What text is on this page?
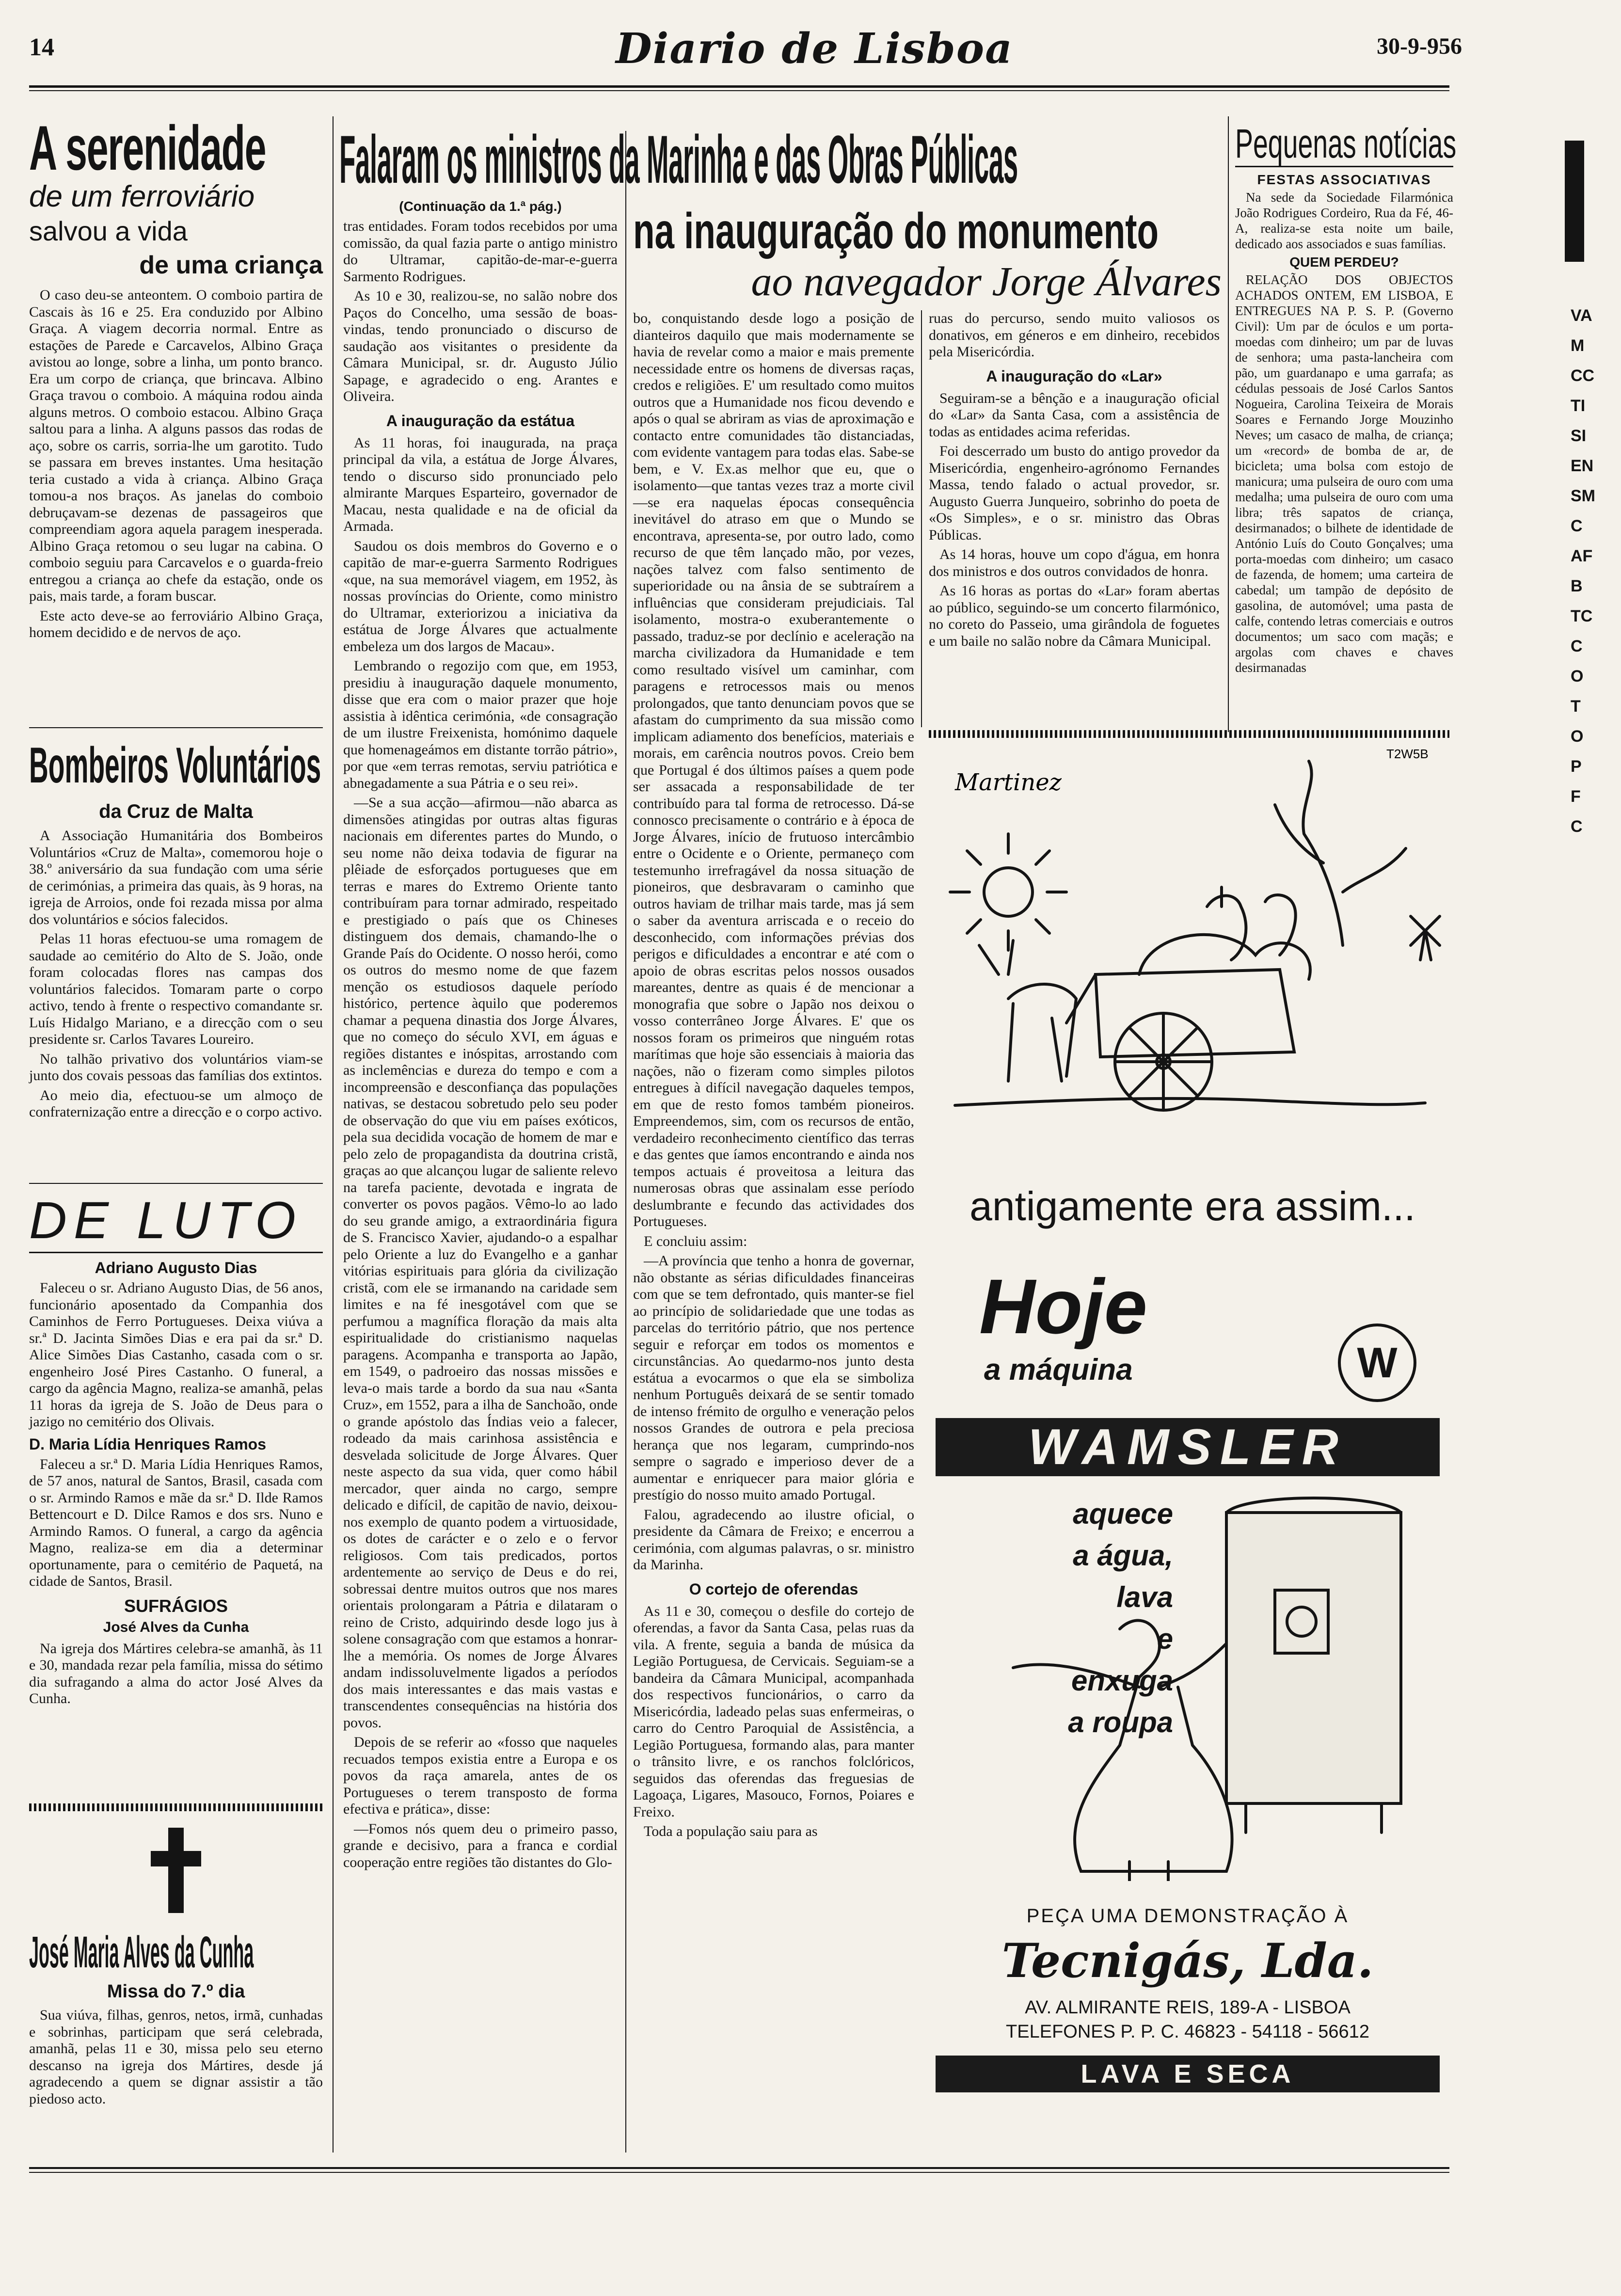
14	Diario de Lisboa	30-9-956
A serenidade
de um ferroviário
salvou a vida
de uma criança

O caso deu-se anteontem. O comboio partira de Cascais às 16 e 25. Era conduzido por Albino Graça. A viagem decorria normal. Entre as estações de Parede e Carcavelos, Albino Graça avistou ao longe, sobre a linha, um ponto branco. Era um corpo de criança, que brincava. Albino Graça travou o comboio. A máquina rodou ainda alguns metros. O comboio estacou. Albino Graça saltou para a linha. A alguns passos das rodas de aço, sobre os carris, sorria-lhe um garotito. Tudo se passara em breves instantes. Uma hesitação teria custado a vida à criança. Albino Graça tomou-a nos braços. As janelas do comboio debruçavam-se dezenas de passageiros que compreendiam agora aquela paragem inesperada. Albino Graça retomou o seu lugar na cabina. O comboio seguiu para Carcavelos e o guarda-freio entregou a criança ao chefe da estação, onde os pais, mais tarde, a foram buscar.

Este acto deve-se ao ferroviário Albino Graça, homem decidido e de nervos de aço.

Bombeiros Voluntários
da Cruz de Malta

A Associação Humanitária dos Bombeiros Voluntários «Cruz de Malta», comemorou hoje o 38.º aniversário da sua fundação com uma série de cerimónias, a primeira das quais, às 9 horas, na igreja de Arroios, onde foi rezada missa por alma dos voluntários e sócios falecidos.

Pelas 11 horas efectuou-se uma romagem de saudade ao cemitério do Alto de S. João, onde foram colocadas flores nas campas dos voluntários falecidos. Tomaram parte o corpo activo, tendo à frente o respectivo comandante sr. Luís Hidalgo Mariano, e a direcção com o seu presidente sr. Carlos Tavares Loureiro.

No talhão privativo dos voluntários viam-se junto dos covais pessoas das famílias dos extintos.

Ao meio dia, efectuou-se um almoço de confraternização entre a direcção e o corpo activo.

DE LUTO
Adriano Augusto Dias

Faleceu o sr. Adriano Augusto Dias, de 56 anos, funcionário aposentado da Companhia dos Caminhos de Ferro Portugueses. Deixa viúva a sr.ª D. Jacinta Simões Dias e era pai da sr.ª D. Alice Simões Dias Castanho, casada com o sr. engenheiro José Pires Castanho. O funeral, a cargo da agência Magno, realiza-se amanhã, pelas 11 horas da igreja de S. João de Deus para o jazigo no cemitério dos Olivais.

D. Maria Lídia Henriques Ramos

Faleceu a sr.ª D. Maria Lídia Henriques Ramos, de 57 anos, natural de Santos, Brasil, casada com o sr. Armindo Ramos e mãe da sr.ª D. Ilde Ramos Bettencourt e D. Dilce Ramos e dos srs. Nuno e Armindo Ramos. O funeral, a cargo da agência Magno, realiza-se em dia a determinar oportunamente, para o cemitério de Paquetá, na cidade de Santos, Brasil.

SUFRÁGIOS
José Alves da Cunha

Na igreja dos Mártires celebra-se amanhã, às 11 e 30, mandada rezar pela família, missa do sétimo dia sufragando a alma do actor José Alves da Cunha.

José Maria Alves da Cunha
Missa do 7.º dia

Sua viúva, filhas, genros, netos, irmã, cunhadas e sobrinhas, participam que será celebrada, amanhã, pelas 11 e 30, missa pelo seu eterno descanso na igreja dos Mártires, desde já agradecendo a quem se dignar assistir a tão piedoso acto.

Falaram os ministros da Marinha e das Obras Públicas
na inauguração do monumento
ao navegador Jorge Álvares
(Continuação da 1.ª pág.)

tras entidades. Foram todos recebidos por uma comissão, da qual fazia parte o antigo ministro do Ultramar, capitão-de-mar-e-guerra Sarmento Rodrigues.

As 10 e 30, realizou-se, no salão nobre dos Paços do Concelho, uma sessão de boas-vindas, tendo pronunciado o discurso de saudação aos visitantes o presidente da Câmara Municipal, sr. dr. Augusto Júlio Sapage, e agradecido o eng. Arantes e Oliveira.

A inauguração da estátua

As 11 horas, foi inaugurada, na praça principal da vila, a estátua de Jorge Álvares, tendo o discurso sido pronunciado pelo almirante Marques Esparteiro, governador de Macau, nesta qualidade e na de oficial da Armada.

Saudou os dois membros do Governo e o capitão de mar-e-guerra Sarmento Rodrigues «que, na sua memorável viagem, em 1952, às nossas províncias do Oriente, como ministro do Ultramar, exteriorizou a iniciativa da estátua de Jorge Álvares que actualmente embeleza um dos largos de Macau».

Lembrando o regozijo com que, em 1953, presidiu à inauguração daquele monumento, disse que era com o maior prazer que hoje assistia à idêntica cerimónia, «de consagração de um ilustre Freixenista, homónimo daquele que homenageámos em distante torrão pátrio», por que «em terras remotas, serviu patriótica e abnegadamente a sua Pátria e o seu rei».

—Se a sua acção—afirmou—não abarca as dimensões atingidas por outras altas figuras nacionais em diferentes partes do Mundo, o seu nome não deixa todavia de figurar na plêiade de esforçados portugueses que em terras e mares do Extremo Oriente tanto contribuíram para tornar admirado, respeitado e prestigiado o país que os Chineses distinguem dos demais, chamando-lhe o Grande País do Ocidente. O nosso herói, como os outros do mesmo nome de que fazem menção os estudiosos daquele período histórico, pertence àquilo que poderemos chamar a pequena dinastia dos Jorge Álvares, que no começo do século XVI, em águas e regiões distantes e inóspitas, arrostando com as inclemências e dureza do tempo e com a incompreensão e desconfiança das populações nativas, se destacou sobretudo pelo seu poder de observação do que viu em países exóticos, pela sua decidida vocação de homem de mar e pelo zelo de propagandista da doutrina cristã, graças ao que alcançou lugar de saliente relevo na tarefa paciente, devotada e ingrata de converter os povos pagãos. Vêmo-lo ao lado do seu grande amigo, a extraordinária figura de S. Francisco Xavier, ajudando-o a espalhar pelo Oriente a luz do Evangelho e a ganhar vitórias espirituais para glória da civilização cristã, com ele se irmanando na caridade sem limites e na fé inesgotável com que se perfumou a magnífica floração da mais alta espiritualidade do cristianismo naquelas paragens. Acompanha e transporta ao Japão, em 1549, o padroeiro das nossas missões e leva-o mais tarde a bordo da sua nau «Santa Cruz», em 1552, para a ilha de Sanchoão, onde o grande apóstolo das Índias veio a falecer, rodeado da mais carinhosa assistência e desvelada solicitude de Jorge Álvares. Quer neste aspecto da sua vida, quer como hábil mercador, quer ainda no cargo, sempre delicado e difícil, de capitão de navio, deixou-nos exemplo de quanto podem a virtuosidade, os dotes de carácter e o zelo e o fervor religiosos. Com tais predicados, portos ardentemente ao serviço de Deus e do rei, sobressai dentre muitos outros que nos mares orientais prolongaram a Pátria e dilataram o reino de Cristo, adquirindo desde logo jus à solene consagração com que estamos a honrar-lhe a memória. Os nomes de Jorge Álvares andam indissoluvelmente ligados a períodos dos mais interessantes e das mais vastas e transcendentes consequências na história dos povos.

Depois de se referir ao «fosso que naqueles recuados tempos existia entre a Europa e os povos da raça amarela, antes de os Portugueses o terem transposto de forma efectiva e prática», disse:

—Fomos nós quem deu o primeiro passo, grande e decisivo, para a franca e cordial cooperação entre regiões tão distantes do Glo-

bo, conquistando desde logo a posição de dianteiros daquilo que mais modernamente se havia de revelar como a maior e mais premente necessidade entre os homens de diversas raças, credos e religiões. E' um resultado como muitos outros que a Humanidade nos ficou devendo e após o qual se abriram as vias de aproximação e contacto entre comunidades tão distanciadas, com evidente vantagem para todas elas. Sabe-se bem, e V. Ex.as melhor que eu, que o isolamento—que tantas vezes traz a morte civil—se era naquelas épocas consequência inevitável do atraso em que o Mundo se encontrava, apresenta-se, por outro lado, como recurso de que têm lançado mão, por vezes, nações talvez com falso sentimento de superioridade ou na ânsia de se subtraírem a influências que consideram prejudiciais. Tal isolamento, mostra-o exuberantemente o passado, traduz-se por declínio e aceleração na marcha civilizadora da Humanidade e tem como resultado visível um caminhar, com paragens e retrocessos mais ou menos prolongados, que tanto denunciam povos que se afastam do cumprimento da sua missão como implicam adiamento dos benefícios, materiais e morais, em carência noutros povos. Creio bem que Portugal é dos últimos países a quem pode ser assacada a responsabilidade de ter contribuído para tal forma de retrocesso. Dá-se connosco precisamente o contrário e à época de Jorge Álvares, início de frutuoso intercâmbio entre o Ocidente e o Oriente, permaneço com testemunho irrefragável da nossa situação de pioneiros, que desbravaram o caminho que outros haviam de trilhar mais tarde, mas já sem o saber da aventura arriscada e o receio do desconhecido, com informações prévias dos perigos e dificuldades a encontrar e até com o apoio de obras escritas pelos nossos ousados mareantes, dentre as quais é de mencionar a monografia que sobre o Japão nos deixou o vosso conterrâneo Jorge Álvares. E' que os nossos foram os primeiros que ninguém rotas marítimas que hoje são essenciais à maioria das nações, não o fizeram como simples pilotos entregues à difícil navegação daqueles tempos, em que de resto fomos também pioneiros. Empreendemos, sim, com os recursos de então, verdadeiro reconhecimento científico das terras e das gentes que íamos encontrando e ainda nos tempos actuais é proveitosa a leitura das numerosas obras que assinalam esse período deslumbrante e fecundo das actividades dos Portugueses.

E concluiu assim:

—A província que tenho a honra de governar, não obstante as sérias dificuldades financeiras com que se tem defrontado, quis manter-se fiel ao princípio de solidariedade que une todas as parcelas do território pátrio, que nos pertence seguir e reforçar em todos os momentos e circunstâncias. Ao quedarmo-nos junto desta estátua a evocarmos o que ela se simboliza nenhum Português deixará de se sentir tomado de intenso frémito de orgulho e veneração pelos nossos Grandes de outrora e pela preciosa herança que nos legaram, cumprindo-nos sempre o sagrado e imperioso dever de a aumentar e enriquecer para maior glória e prestígio do nosso muito amado Portugal.

Falou, agradecendo ao ilustre oficial, o presidente da Câmara de Freixo; e encerrou a cerimónia, com algumas palavras, o sr. ministro da Marinha.

O cortejo de oferendas

As 11 e 30, começou o desfile do cortejo de oferendas, a favor da Santa Casa, pelas ruas da vila. A frente, seguia a banda de música da Legião Portuguesa, de Cervicais. Seguiam-se a bandeira da Câmara Municipal, acompanhada dos respectivos funcionários, o carro da Misericórdia, ladeado pelas suas enfermeiras, o carro do Centro Paroquial de Assistência, a Legião Portuguesa, formando alas, para manter o trânsito livre, e os ranchos folclóricos, seguidos das oferendas das freguesias de Lagoaça, Ligares, Masouco, Fornos, Poiares e Freixo.

Toda a população saiu para as

ruas do percurso, sendo muito valiosos os donativos, em géneros e em dinheiro, recebidos pela Misericórdia.

A inauguração do «Lar»

Seguiram-se a bênção e a inauguração oficial do «Lar» da Santa Casa, com a assistência de todas as entidades acima referidas.

Foi descerrado um busto do antigo provedor da Misericórdia, engenheiro-agrónomo Fernandes Massa, tendo falado o actual provedor, sr. Augusto Guerra Junqueiro, sobrinho do poeta de «Os Simples», e o sr. ministro das Obras Públicas.

As 14 horas, houve um copo d'água, em honra dos ministros e dos outros convidados de honra.

As 16 horas as portas do «Lar» foram abertas ao público, seguindo-se um concerto filarmónico, no coreto do Passeio, uma girândola de foguetes e um baile no salão nobre da Câmara Municipal.

Pequenas notícias
FESTAS ASSOCIATIVAS

Na sede da Sociedade Filarmónica João Rodrigues Cordeiro, Rua da Fé, 46-A, realiza-se esta noite um baile, dedicado aos associados e suas famílias.

QUEM PERDEU?

RELAÇÃO DOS OBJECTOS ACHADOS ONTEM, EM LISBOA, E ENTREGUES NA P. S. P. (Governo Civil): Um par de óculos e um porta-moedas com dinheiro; um par de luvas de senhora; uma pasta-lancheira com pão, um guardanapo e uma garrafa; as cédulas pessoais de José Carlos Santos Nogueira, Carolina Teixeira de Morais Soares e Fernando Jorge Mouzinho Neves; um casaco de malha, de criança; um «record» de bomba de ar, de bicicleta; uma bolsa com estojo de manicura; uma pulseira de ouro com uma medalha; uma pulseira de ouro com uma libra; três sapatos de criança, desirmanados; o bilhete de identidade de António Luís do Couto Gonçalves; uma porta-moedas com dinheiro; um casaco de fazenda, de homem; uma carteira de cabedal; um tampão de depósito de gasolina, de automóvel; uma pasta de calfe, contendo letras comerciais e outros documentos; um saco com maçãs; e argolas com chaves e chaves desirmanadas

Martinez
T2W5B
antigamente era assim...
Hoje
a máquina	W
WAMSLER
aquece
a água,
lava
e enxuga
a roupa
PEÇA UMA DEMONSTRAÇÃO À
Tecnigás, Lda.
AV. ALMIRANTE REIS, 189-A - LISBOA
TELEFONES P. P. C. 46823 - 54118 - 56612
LAVA E SECA SIMULTANEAMENTE
VA
M
CC
TI
SI
EN
SM
C
AF
B
TC
C
O
T
O
P
F
C
